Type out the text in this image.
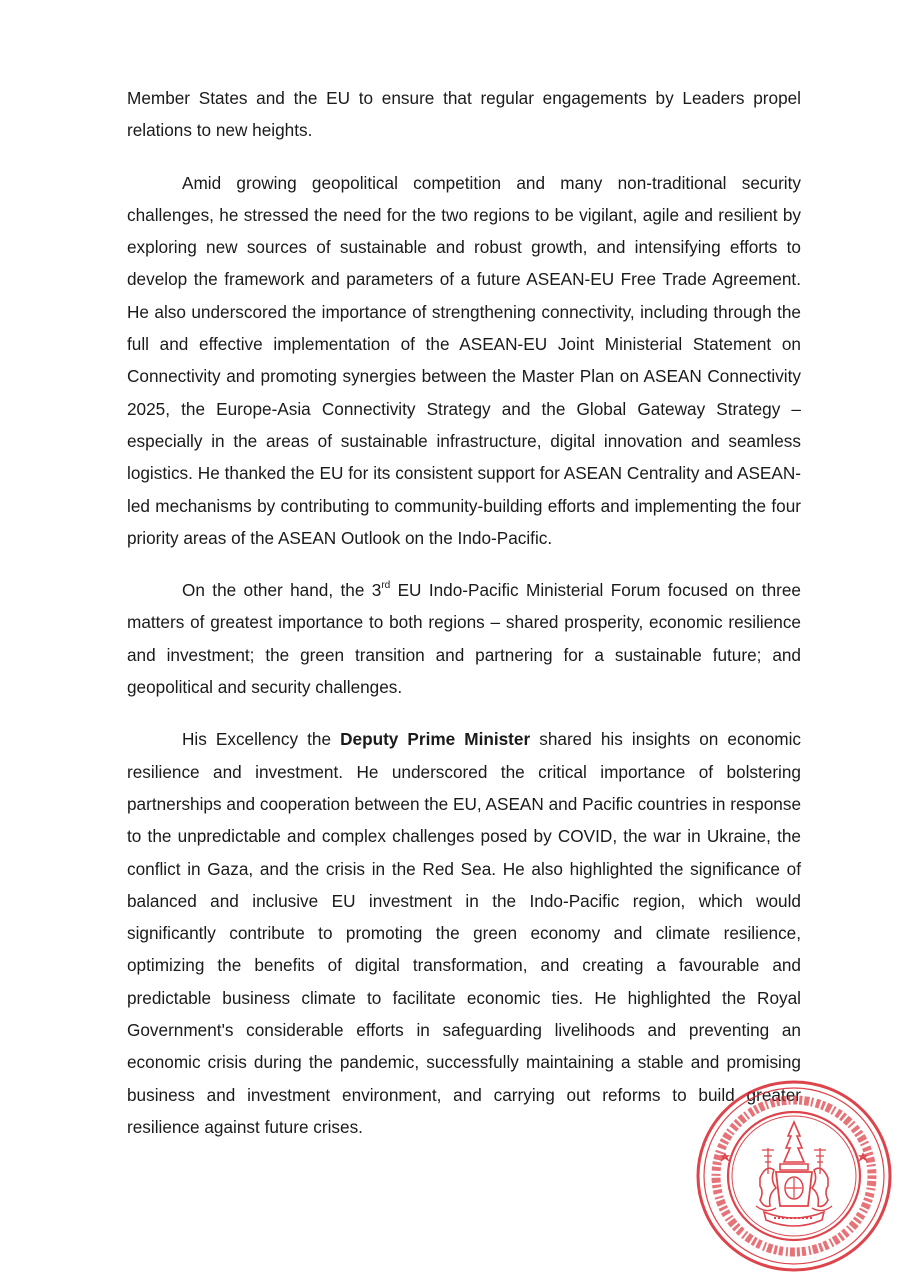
Member States and the EU to ensure that regular engagements by Leaders propel relations to new heights.

Amid growing geopolitical competition and many non-traditional security challenges, he stressed the need for the two regions to be vigilant, agile and resilient by exploring new sources of sustainable and robust growth, and intensifying efforts to develop the framework and parameters of a future ASEAN-EU Free Trade Agreement. He also underscored the importance of strengthening connectivity, including through the full and effective implementation of the ASEAN-EU Joint Ministerial Statement on Connectivity and promoting synergies between the Master Plan on ASEAN Connectivity 2025, the Europe-Asia Connectivity Strategy and the Global Gateway Strategy – especially in the areas of sustainable infrastructure, digital innovation and seamless logistics. He thanked the EU for its consistent support for ASEAN Centrality and ASEAN-led mechanisms by contributing to community-building efforts and implementing the four priority areas of the ASEAN Outlook on the Indo-Pacific.

On the other hand, the 3rd EU Indo-Pacific Ministerial Forum focused on three matters of greatest importance to both regions – shared prosperity, economic resilience and investment; the green transition and partnering for a sustainable future; and geopolitical and security challenges.

His Excellency the Deputy Prime Minister shared his insights on economic resilience and investment. He underscored the critical importance of bolstering partnerships and cooperation between the EU, ASEAN and Pacific countries in response to the unpredictable and complex challenges posed by COVID, the war in Ukraine, the conflict in Gaza, and the crisis in the Red Sea. He also highlighted the significance of balanced and inclusive EU investment in the Indo-Pacific region, which would significantly contribute to promoting the green economy and climate resilience, optimizing the benefits of digital transformation, and creating a favourable and predictable business climate to facilitate economic ties. He highlighted the Royal Government's considerable efforts in safeguarding livelihoods and preventing an economic crisis during the pandemic, successfully maintaining a stable and promising business and investment environment, and carrying out reforms to build greater resilience against future crises.
